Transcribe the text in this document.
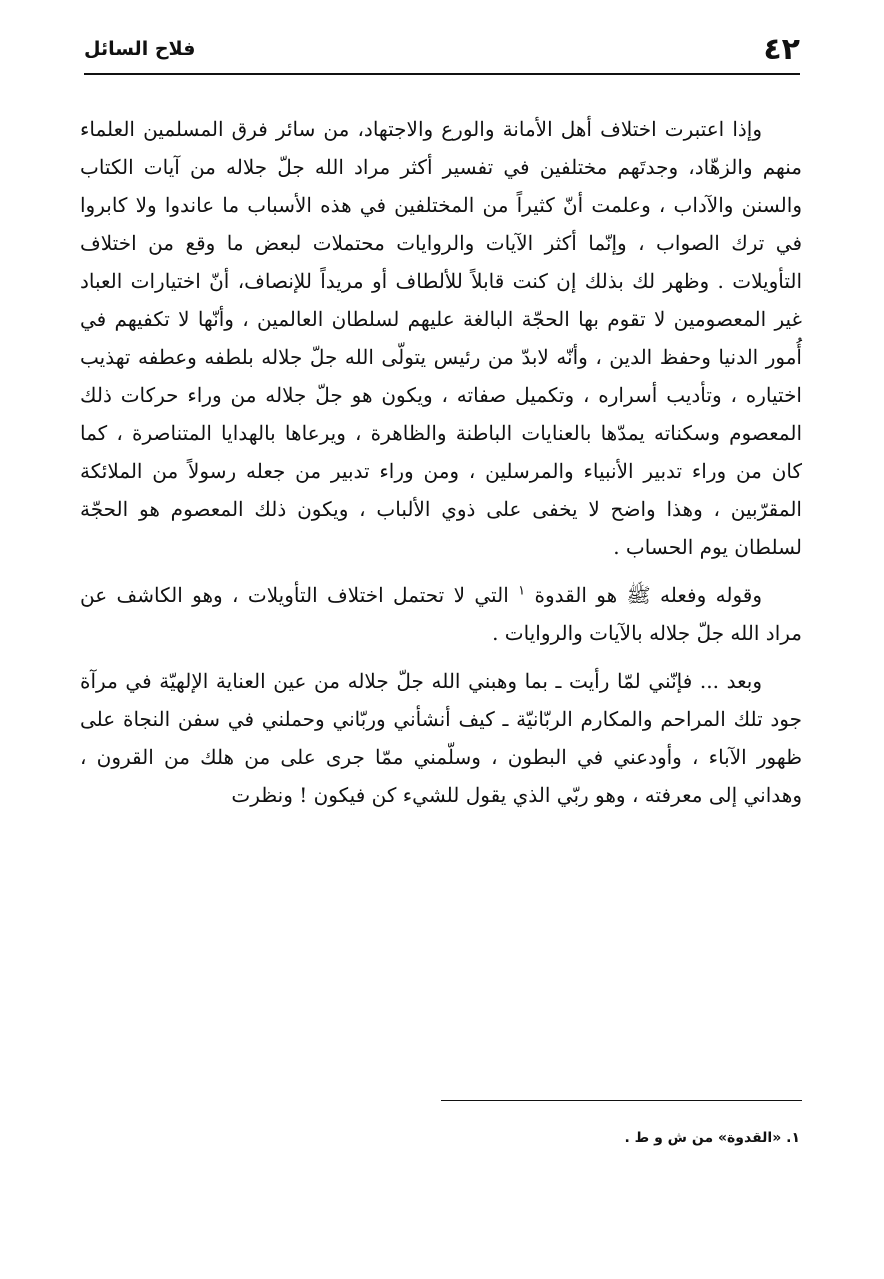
٤٢
فلاح السائل

وإذا اعتبرت اختلاف أهل الأمانة والورع والاجتهاد، من سائر فرق المسلمين العلماء منهم والزهّاد، وجدتَهم مختلفين في تفسير أكثر مراد الله جلّ جلاله من آيات الكتاب والسنن والآداب ، وعلمت أنّ كثيراً من المختلفين في هذه الأسباب ما عاندوا ولا كابروا في ترك الصواب ، وإنّما أكثر الآيات والروايات محتملات لبعض ما وقع من اختلاف التأويلات . وظهر لك بذلك إن كنت قابلاً للألطاف أو مريداً للإنصاف، أنّ اختيارات العباد غير المعصومين لا تقوم بها الحجّة البالغة عليهم لسلطان العالمين ، وأنّها لا تكفيهم في أُمور الدنيا وحفظ الدين ، وأنّه لابدّ من رئيس يتولّى الله جلّ جلاله بلطفه وعطفه تهذيب اختياره ، وتأديب أسراره ، وتكميل صفاته ، ويكون هو جلّ جلاله من وراء حركات ذلك المعصوم وسكناته يمدّها بالعنايات الباطنة والظاهرة ، ويرعاها بالهدايا المتناصرة ، كما كان من وراء تدبير الأنبياء والمرسلين ، ومن وراء تدبير من جعله رسولاً من الملائكة المقرّبين ، وهذا واضح لا يخفى على ذوي الألباب ، ويكون ذلك المعصوم هو الحجّة لسلطان يوم الحساب .

وقوله وفعله ﷺ هو القدوة $^١$ التي لا تحتمل اختلاف التأويلات ، وهو الكاشف عن مراد الله جلّ جلاله بالآيات والروايات .

وبعد ... فإنّني لمّا رأيت ـ بما وهبني الله جلّ جلاله من عين العناية الإلهيّة في مرآة جود تلك المراحم والمكارم الربّانيّة ـ كيف أنشأني وربّاني وحملني في سفن النجاة على ظهور الآباء ، وأودعني في البطون ، وسلّمني ممّا جرى على من هلك من القرون ، وهداني إلى معرفته ، وهو ربّي الذي يقول للشيء كن فيكون ! ونظرت

١. «القدوة» من ش و ط .
